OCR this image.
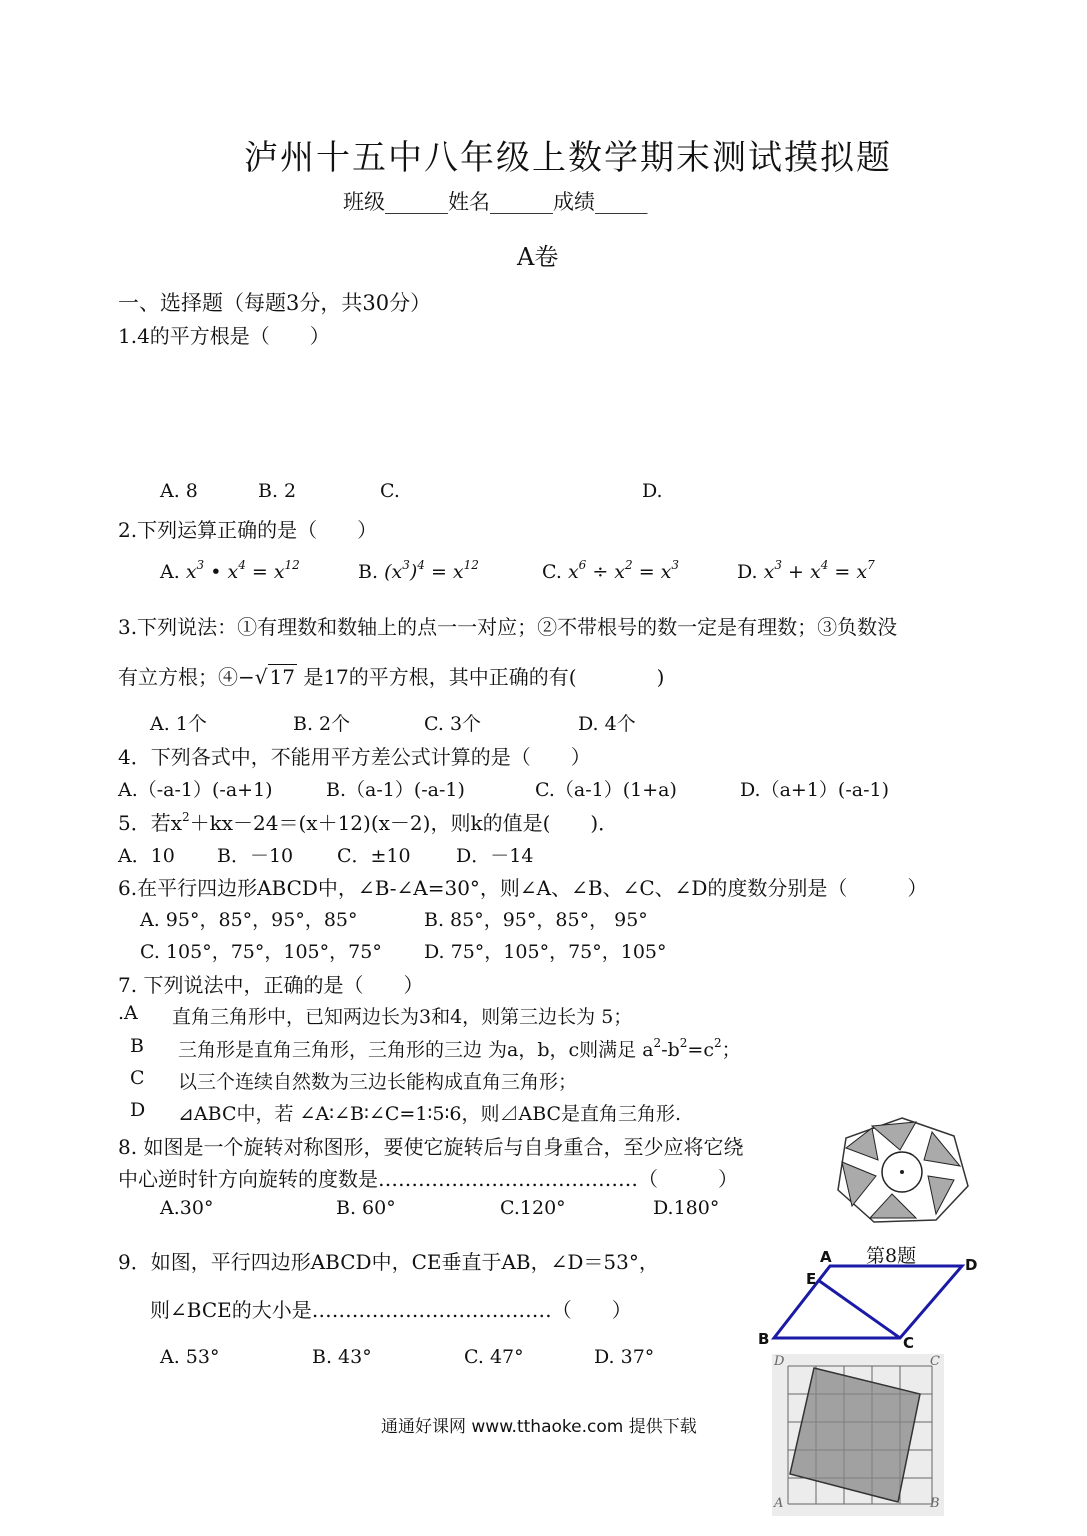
泸州十五中八年级上数学期末测试摸拟题
班级______姓名______成绩_____
A卷
一、选择题（每题3分，共30分）
1.4的平方根是（　　）
A. 8	B. 2	C.	D.
2.下列运算正确的是（　　）
A. $x^3$ • $x^4 = x^{12}$	B. $(x^3)^4 = x^{12}$	C. $x^6 \div x^2 = x^3$	D. $x^3 + x^4 = x^7$
3.下列说法：①有理数和数轴上的点一一对应；②不带根号的数一定是有理数；③负数没
有立方根；④−√ 17 是17的平方根，其中正确的有(　　　　)
A. 1个	B. 2个	C. 3个	D. 4个
4．下列各式中，不能用平方差公式计算的是（　　）
A.（-a-1）(-a+1)	B.（a-1）(-a-1)	C.（a-1）(1+a)	D.（a+1）(-a-1)
5．若$x^2+kx-24=(x+12)(x-2)$，则k的值是(　　)．
A．10 B．－10 C．±10 D．－14
6.在平行四边形ABCD中，∠B-∠A=30°，则∠A、∠B、∠C、∠D的度数分别是（　　　）
A. 95°，85°，95°，85°	B. 85°，95°，85°， 95°
C. 105°，75°，105°，75° D. 75°，105°，75°，105°
7. 下列说法中，正确的是（　　）
.A 直角三角形中，已知两边长为3和4，则第三边长为 5；
B 三角形是直角三角形，三角形的三边 为a，b，c则满足 $a^2-b^2=c^2$；
C 以三个连续自然数为三边长能构成直角三角形；
D ⊿ABC中，若 ∠A∶∠B∶∠C=1∶5∶6，则⊿ABC是直角三角形.
8. 如图是一个旋转对称图形，要使它旋转后与自身重合，至少应将它绕
中心逆时针方向旋转的度数是…………………………………（　　　）
A.30°	B. 60°	C.120°	D.180°
第8题
9．如图，平行四边形ABCD中，CE垂直于AB，∠D＝53°，
则∠BCE的大小是………………………………（　　）
A. 53°	B. 43°	C. 47°	D. 37°
A	D
E
B	C
D	C
A	B
通通好课网 www.tthaoke.com 提供下载
